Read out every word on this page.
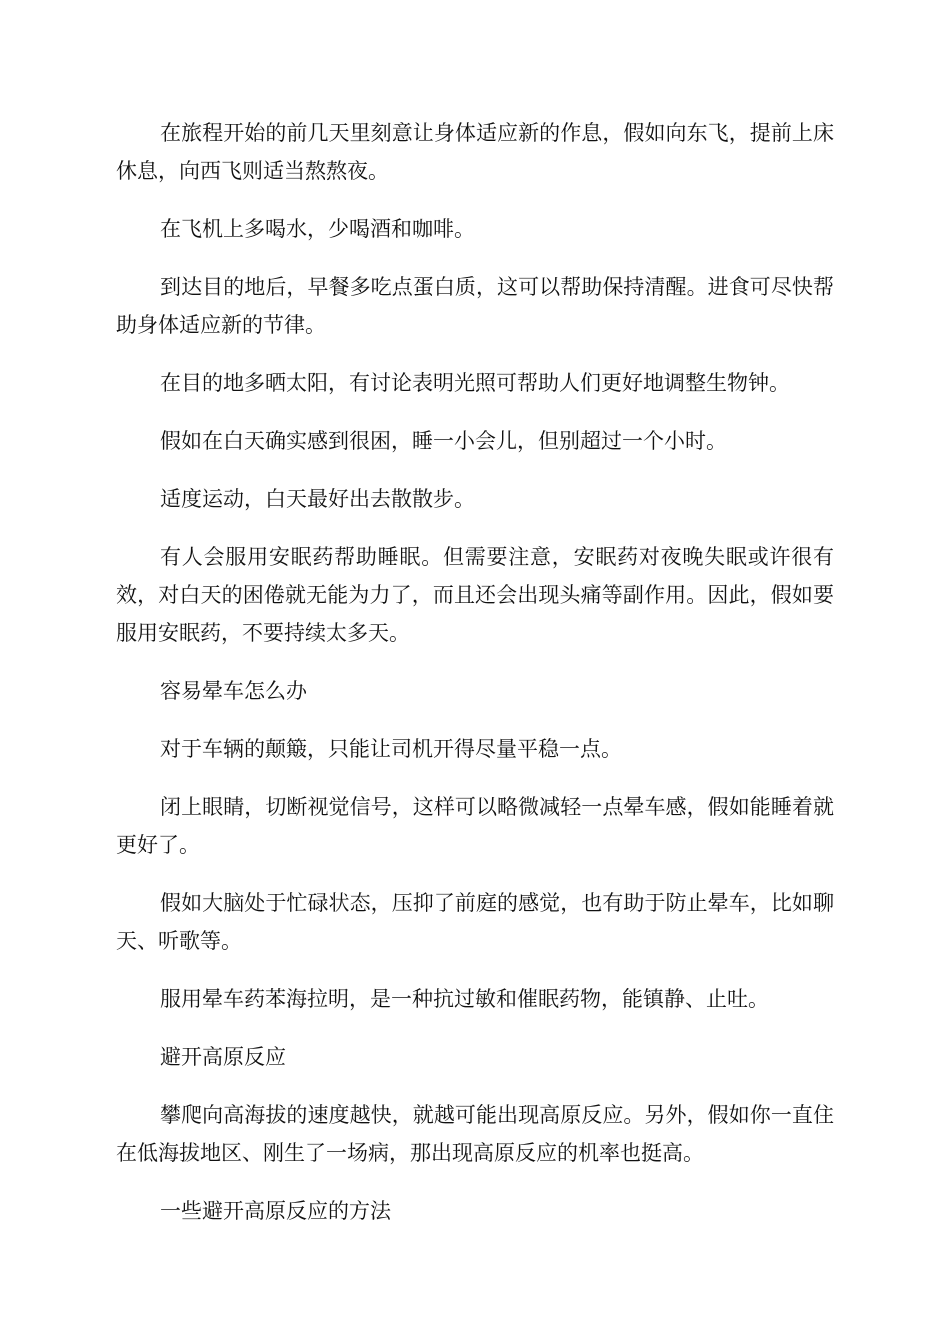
在旅程开始的前几天里刻意让身体适应新的作息，假如向东飞，提前上床休息，向西飞则适当熬熬夜。

在飞机上多喝水，少喝酒和咖啡。

到达目的地后，早餐多吃点蛋白质，这可以帮助保持清醒。进食可尽快帮助身体适应新的节律。

在目的地多晒太阳，有讨论表明光照可帮助人们更好地调整生物钟。

假如在白天确实感到很困，睡一小会儿，但别超过一个小时。

适度运动，白天最好出去散散步。

有人会服用安眠药帮助睡眠。但需要注意，安眠药对夜晚失眠或许很有效，对白天的困倦就无能为力了，而且还会出现头痛等副作用。因此，假如要服用安眠药，不要持续太多天。

容易晕车怎么办

对于车辆的颠簸，只能让司机开得尽量平稳一点。

闭上眼睛，切断视觉信号，这样可以略微减轻一点晕车感，假如能睡着就更好了。

假如大脑处于忙碌状态，压抑了前庭的感觉，也有助于防止晕车，比如聊天、听歌等。

服用晕车药苯海拉明，是一种抗过敏和催眠药物，能镇静、止吐。

避开高原反应

攀爬向高海拔的速度越快，就越可能出现高原反应。另外，假如你一直住在低海拔地区、刚生了一场病，那出现高原反应的机率也挺高。

一些避开高原反应的方法
